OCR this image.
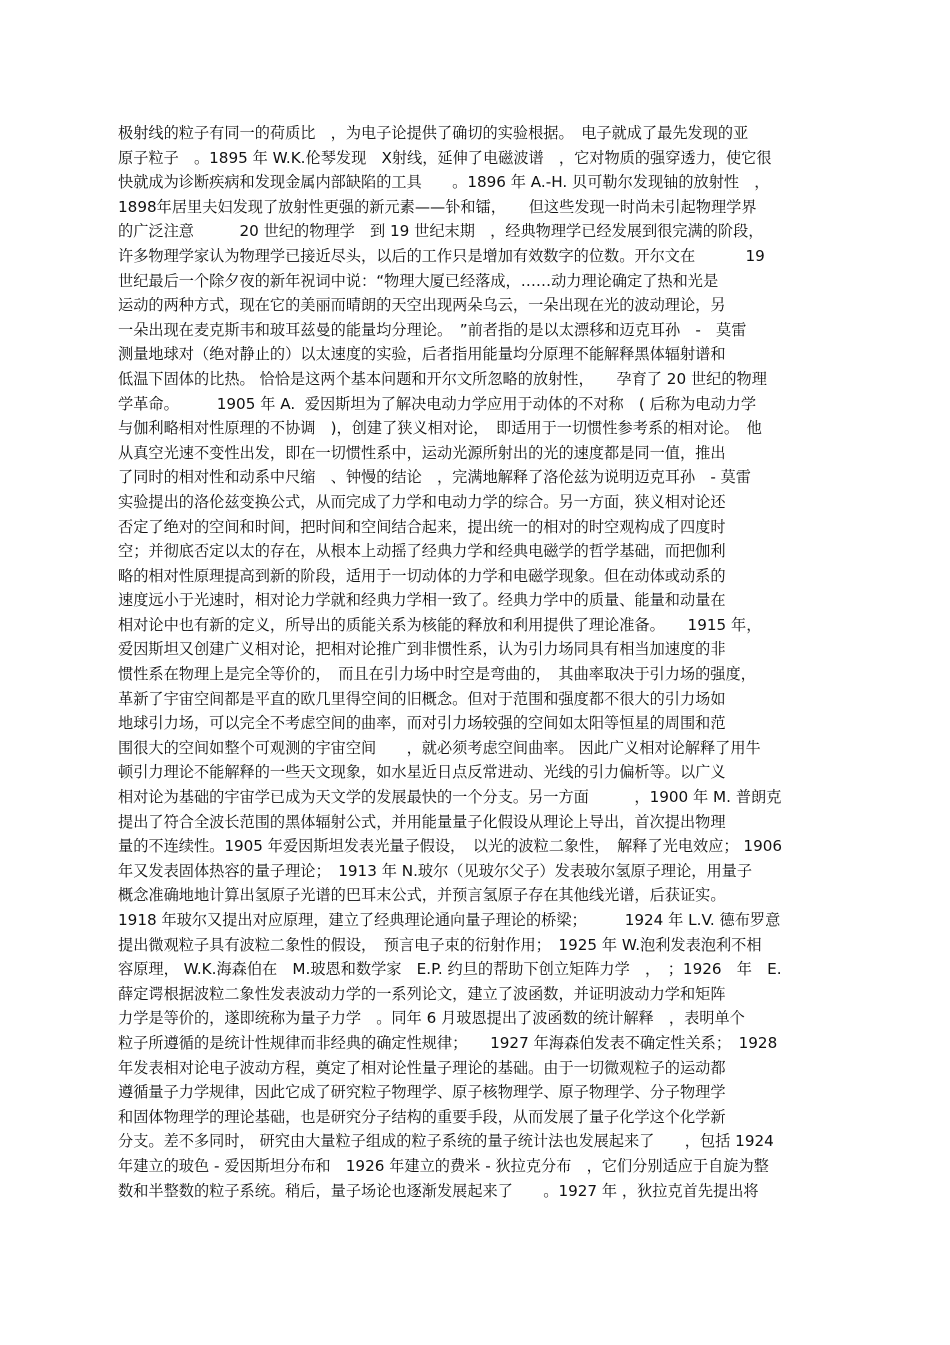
极射线的粒子有同一的荷质比　，为电子论提供了确切的实验根据。　电子就成了最先发现的亚
原子粒子　。1895 年 W.K.伦琴发现　X射线，延伸了电磁波谱　，它对物质的强穿透力，使它很
快就成为诊断疾病和发现金属内部缺陷的工具　　。1896 年 A.-H. 贝可勒尔发现铀的放射性　，
1898年居里夫妇发现了放射性更强的新元素——钋和镭，　　但这些发现一时尚未引起物理学界
的广泛注意　　　20 世纪的物理学　到 19 世纪末期　，经典物理学已经发展到很完满的阶段，
许多物理学家认为物理学已接近尽头，以后的工作只是增加有效数字的位数。开尔文在　　　 19
世纪最后一个除夕夜的新年祝词中说：“物理大厦已经落成，……动力理论确定了热和光是
运动的两种方式，现在它的美丽而晴朗的天空出现两朵乌云，一朵出现在光的波动理论，另
一朵出现在麦克斯韦和玻耳兹曼的能量均分理论。　”前者指的是以太漂移和迈克耳孙　-　莫雷
测量地球对（绝对静止的）以太速度的实验，后者指用能量均分原理不能解释黑体辐射谱和
低温下固体的比热。 恰恰是这两个基本问题和开尔文所忽略的放射性，　　孕育了 20 世纪的物理
学革命。　　　1905 年 A.  爱因斯坦为了解决电动力学应用于动体的不对称　( 后称为电动力学
与伽利略相对性原理的不协调　)，创建了狭义相对论，　即适用于一切惯性参考系的相对论。　他
从真空光速不变性出发，即在一切惯性系中，运动光源所射出的光的速度都是同一值，推出
了同时的相对性和动系中尺缩　、钟慢的结论　，完满地解释了洛伦兹为说明迈克耳孙　- 莫雷
实验提出的洛伦兹变换公式，从而完成了力学和电动力学的综合。另一方面，狭义相对论还
否定了绝对的空间和时间，把时间和空间结合起来，提出统一的相对的时空观构成了四度时
空；并彻底否定以太的存在，从根本上动摇了经典力学和经典电磁学的哲学基础，而把伽利
略的相对性原理提高到新的阶段，适用于一切动体的力学和电磁学现象。但在动体或动系的
速度远小于光速时，相对论力学就和经典力学相一致了。经典力学中的质量、能量和动量在
相对论中也有新的定义，所导出的质能关系为核能的释放和利用提供了理论准备。　　1915 年，
爱因斯坦又创建广义相对论，把相对论推广到非惯性系，认为引力场同具有相当加速度的非
惯性系在物理上是完全等价的，　而且在引力场中时空是弯曲的，　其曲率取决于引力场的强度，
革新了宇宙空间都是平直的欧几里得空间的旧概念。但对于范围和强度都不很大的引力场如
地球引力场，可以完全不考虑空间的曲率，而对引力场较强的空间如太阳等恒星的周围和范
围很大的空间如整个可观测的宇宙空间　　，就必须考虑空间曲率。 因此广义相对论解释了用牛
顿引力理论不能解释的一些天文现象，如水星近日点反常进动、光线的引力偏析等。以广义
相对论为基础的宇宙学已成为天文学的发展最快的一个分支。另一方面　　　，1900 年 M. 普朗克
提出了符合全波长范围的黑体辐射公式，并用能量量子化假设从理论上导出，首次提出物理
量的不连续性。1905 年爱因斯坦发表光量子假设，　以光的波粒二象性，　解释了光电效应； 1906
年又发表固体热容的量子理论；　1913 年 N.玻尔（见玻尔父子）发表玻尔氢原子理论，用量子
概念准确地地计算出氢原子光谱的巴耳末公式，并预言氢原子存在其他线光谱，后获证实。
1918 年玻尔又提出对应原理，建立了经典理论通向量子理论的桥梁；　　　1924 年 L.V. 德布罗意
提出微观粒子具有波粒二象性的假设，　预言电子束的衍射作用；　1925 年 W.泡利发表泡利不相
容原理， W.K.海森伯在　M.玻恩和数学家　E.P. 约旦的帮助下创立矩阵力学　，　；1926　年　E.
薛定谔根据波粒二象性发表波动力学的一系列论文，建立了波函数，并证明波动力学和矩阵
力学是等价的，遂即统称为量子力学　。同年 6 月玻恩提出了波函数的统计解释　，表明单个
粒子所遵循的是统计性规律而非经典的确定性规律；　　1927 年海森伯发表不确定性关系；　1928
年发表相对论电子波动方程，奠定了相对论性量子理论的基础。由于一切微观粒子的运动都
遵循量子力学规律，因此它成了研究粒子物理学、原子核物理学、原子物理学、分子物理学
和固体物理学的理论基础，也是研究分子结构的重要手段，从而发展了量子化学这个化学新
分支。差不多同时， 研究由大量粒子组成的粒子系统的量子统计法也发展起来了　　，包括 1924
年建立的玻色 - 爱因斯坦分布和　1926 年建立的费米 - 狄拉克分布　，它们分别适应于自旋为整
数和半整数的粒子系统。稍后，量子场论也逐渐发展起来了　　。1927 年 ，狄拉克首先提出将
